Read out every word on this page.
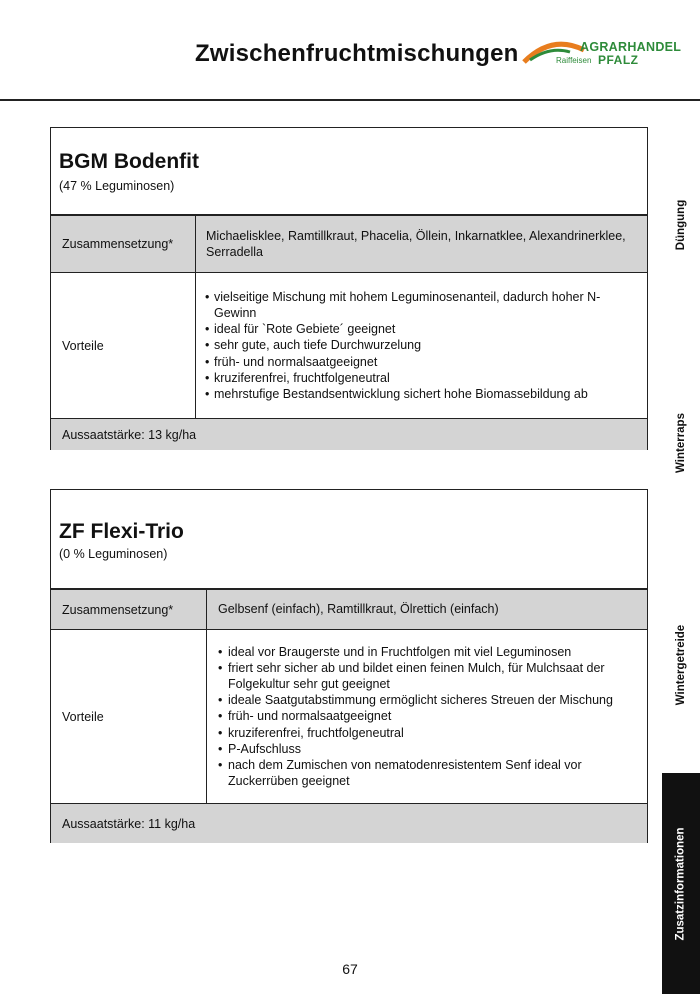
Zwischenfruchtmischungen	AGRARHANDEL
Raiffeisen PFALZ
BGM Bodenfit
(47 % Leguminosen)
Zusammensetzung*
Michaelisklee, Ramtillkraut, Phacelia, Öllein, Inkarnatklee, Alexandrinerklee, Serradella
Vorteile
• vielseitige Mischung mit hohem Leguminosenanteil, dadurch hoher N-Gewinn
• ideal für `Rote Gebiete´ geeignet
• sehr gute, auch tiefe Durchwurzelung
• früh- und normalsaatgeeignet
• kruziferenfrei, fruchtfolgeneutral
• mehrstufige Bestandsentwicklung sichert hohe Biomassebildung ab
Aussaatstärke: 13 kg/ha
ZF Flexi-Trio
(0 % Leguminosen)
Zusammensetzung*	Gelbsenf (einfach), Ramtillkraut, Ölrettich (einfach)
Vorteile
• ideal vor Braugerste und in Fruchtfolgen mit viel Leguminosen
• friert sehr sicher ab und bildet einen feinen Mulch, für Mulchsaat der Folgekultur sehr gut geeignet
• ideale Saatgutabstimmung ermöglicht sicheres Streuen der Mischung
• früh- und normalsaatgeeignet
• kruziferenfrei, fruchtfolgeneutral
• P-Aufschluss
• nach dem Zumischen von nematodenresistentem Senf ideal vor Zuckerrüben geeignet
Aussaatstärke: 11 kg/ha
Düngung
Winterraps
Wintergetreide
Zusatzinformationen
67
